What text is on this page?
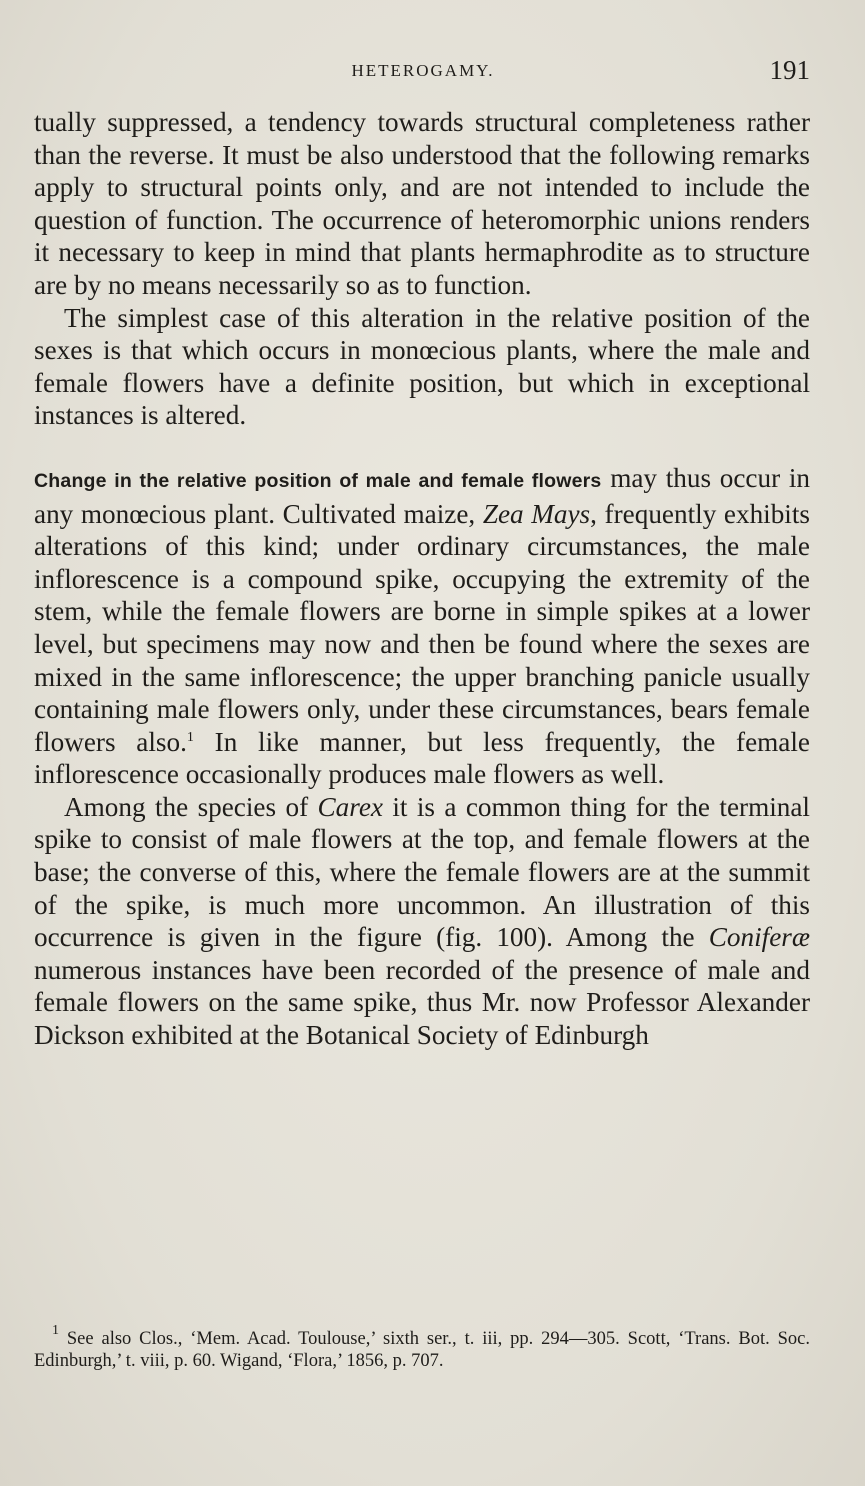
HETEROGAMY.	191

tually suppressed, a tendency towards structural completeness rather than the reverse. It must be also understood that the following remarks apply to structural points only, and are not intended to include the question of function. The occurrence of heteromorphic unions renders it necessary to keep in mind that plants hermaphrodite as to structure are by no means necessarily so as to function.

The simplest case of this alteration in the relative position of the sexes is that which occurs in monœcious plants, where the male and female flowers have a definite position, but which in exceptional instances is altered.

Change in the relative position of male and female flowers may thus occur in any monœcious plant. Cultivated maize, Zea Mays, frequently exhibits alterations of this kind; under ordinary circumstances, the male inflorescence is a compound spike, occupying the extremity of the stem, while the female flowers are borne in simple spikes at a lower level, but specimens may now and then be found where the sexes are mixed in the same inflorescence; the upper branching panicle usually containing male flowers only, under these circumstances, bears female flowers also.$^1$ In like manner, but less frequently, the female inflorescence occasionally produces male flowers as well.

Among the species of Carex it is a common thing for the terminal spike to consist of male flowers at the top, and female flowers at the base; the converse of this, where the female flowers are at the summit of the spike, is much more uncommon. An illustration of this occurrence is given in the figure (fig. 100). Among the Coniferæ numerous instances have been recorded of the presence of male and female flowers on the same spike, thus Mr. now Professor Alexander Dickson exhibited at the Botanical Society of Edinburgh

$^1$ See also Clos., ‘Mem. Acad. Toulouse,’ sixth ser., t. iii, pp. 294—305. Scott, ‘Trans. Bot. Soc. Edinburgh,’ t. viii, p. 60. Wigand, ‘Flora,’ 1856, p. 707.
